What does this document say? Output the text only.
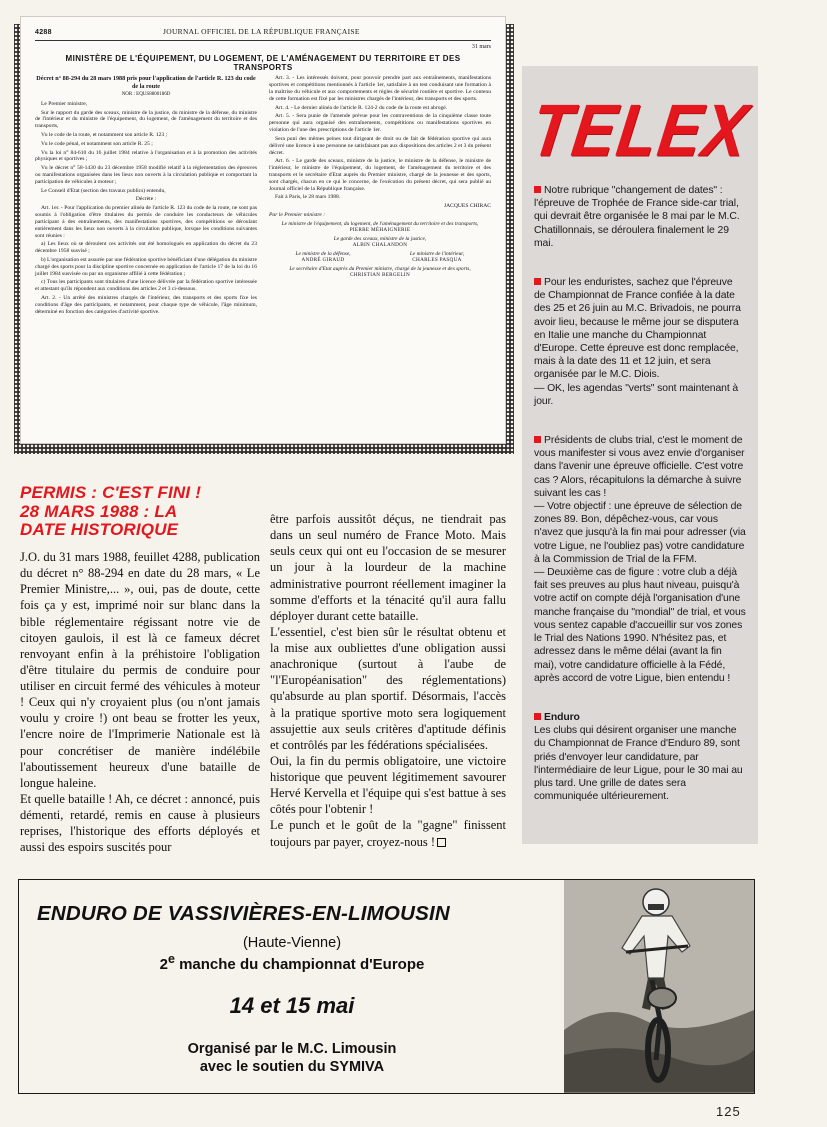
4288	JOURNAL OFFICIEL DE LA RÉPUBLIQUE FRANÇAISE
31 mars
MINISTÈRE DE L'ÉQUIPEMENT, DU LOGEMENT, DE L'AMÉNAGEMENT DU TERRITOIRE ET DES TRANSPORTS

Décret n° 88-294 du 28 mars 1988 pris pour l'application de l'article R. 123 du code de la route

NOR : EQUS8800186D

Le Premier ministre,

Sur le rapport du garde des sceaux, ministre de la justice, du ministre de la défense, du ministre de l'intérieur et du ministre de l'équipement, du logement, de l'aménagement du territoire et des transports,

Vu le code de la route, et notamment son article R. 123 ;

Vu le code pénal, et notamment son article R. 25 ;

Vu la loi n° 84-610 du 16 juillet 1984 relative à l'organisation et à la promotion des activités physiques et sportives ;

Vu le décret n° 58-1430 du 23 décembre 1958 modifié relatif à la réglementation des épreuves ou manifestations organisées dans les lieux non ouverts à la circulation publique et comportant la participation de véhicules à moteur ;

Le Conseil d'Etat (section des travaux publics) entendu,

Décrète :

Art. 1er. - Pour l'application du premier alinéa de l'article R. 123 du code de la route, ne sont pas soumis à l'obligation d'être titulaires du permis de conduire les conducteurs de véhicules participant à des entraînements, des manifestations sportives, des compétitions se déroulant entièrement dans les lieux non ouverts à la circulation publique, lorsque les conditions suivantes sont réunies :

a) Les lieux où se déroulent ces activités ont été homologués en application du décret du 23 décembre 1958 susvisé ;

b) L'organisation est assurée par une fédération sportive bénéficiant d'une délégation du ministre chargé des sports pour la discipline sportive concernée en application de l'article 17 de la loi du 16 juillet 1984 susvisée ou par un organisme affilié à cette fédération ;

c) Tous les participants sont titulaires d'une licence délivrée par la fédération sportive intéressée et attestant qu'ils répondent aux conditions des articles 2 et 3 ci-dessous.

Art. 2. - Un arrêté des ministres chargés de l'intérieur, des transports et des sports fixe les conditions d'âge des participants, et notamment, pour chaque type de véhicule, l'âge minimum, déterminé en fonction des catégories d'activité sportive.

Art. 3. - Les intéressés doivent, pour pouvoir prendre part aux entraînements, manifestations sportives et compétitions mentionnés à l'article 1er, satisfaire à un test conduisant une formation à la maîtrise du véhicule et aux comportements et règles de sécurité routière et sportive. Le contenu de cette formation est fixé par les ministres chargés de l'intérieur, des transports et des sports.

Art. 4. - Le dernier alinéa de l'article R. 124-2 du code de la route est abrogé.

Art. 5. - Sera punie de l'amende prévue pour les contraventions de la cinquième classe toute personne qui aura organisé des entraînements, compétitions ou manifestations sportives en violation de l'une des prescriptions de l'article 1er.

Sera puni des mêmes peines tout dirigeant de droit ou de fait de fédération sportive qui aura délivré une licence à une personne ne satisfaisant pas aux dispositions des articles 2 et 3 du présent décret.

Art. 6. - Le garde des sceaux, ministre de la justice, le ministre de la défense, le ministre de l'intérieur, le ministre de l'équipement, du logement, de l'aménagement du territoire et des transports et le secrétaire d'Etat auprès du Premier ministre, chargé de la jeunesse et des sports, sont chargés, chacun en ce qui le concerne, de l'exécution du présent décret, qui sera publié au Journal officiel de la République française.

Fait à Paris, le 28 mars 1988.

JACQUES CHIRAC

Par le Premier ministre :

Le ministre de l'équipement, du logement, de l'aménagement du territoire et des transports,
PIERRE MÉHAIGNERIE

Le garde des sceaux, ministre de la justice,
ALBIN CHALANDON

Le ministre de la défense,
ANDRÉ GIRAUD

Le ministre de l'intérieur,
CHARLES PASQUA

Le secrétaire d'Etat auprès du Premier ministre, chargé de la jeunesse et des sports,
CHRISTIAN BERGELIN

TELEX
Notre rubrique "changement de dates" : l'épreuve de Trophée de France side-car trial, qui devrait être organisée le 8 mai par le M.C. Chatillonnais, se déroulera finalement le 29 mai.
Pour les enduristes, sachez que l'épreuve de Championnat de France confiée à la date des 25 et 26 juin au M.C. Brivadois, ne pourra avoir lieu, because le même jour se disputera en Italie une manche du Championnat d'Europe. Cette épreuve est donc remplacée, mais à la date des 11 et 12 juin, et sera organisée par le M.C. Diois.
— OK, les agendas "verts" sont maintenant à jour.
Présidents de clubs trial, c'est le moment de vous manifester si vous avez envie d'organiser dans l'avenir une épreuve officielle. C'est votre cas ? Alors, récapitulons la démarche à suivre suivant les cas !
— Votre objectif : une épreuve de sélection de zones 89. Bon, dépêchez-vous, car vous n'avez que jusqu'à la fin mai pour adresser (via votre Ligue, ne l'oubliez pas) votre candidature à la Commission de Trial de la FFM.
— Deuxième cas de figure : votre club a déjà fait ses preuves au plus haut niveau, puisqu'à votre actif on compte déjà l'organisation d'une manche française du "mondial" de trial, et vous vous sentez capable d'accueillir sur vos zones le Trial des Nations 1990. N'hésitez pas, et adressez dans le même délai (avant la fin mai), votre candidature officielle à la Fédé, après accord de votre Ligue, bien entendu !
Enduro
Les clubs qui désirent organiser une manche du Championnat de France d'Enduro 89, sont priés d'envoyer leur candidature, par l'intermédiaire de leur Ligue, pour le 30 mai au plus tard. Une grille de dates sera communiquée ultérieurement.
PERMIS : C'EST FINI !
28 MARS 1988 : LA
DATE HISTORIQUE

J.O. du 31 mars 1988, feuillet 4288, publication du décret n° 88-294 en date du 28 mars, « Le Premier Ministre,... », oui, pas de doute, cette fois ça y est, imprimé noir sur blanc dans la bible réglementaire régissant notre vie de citoyen gaulois, il est là ce fameux décret renvoyant enfin à la préhistoire l'obligation d'être titulaire du permis de conduire pour utiliser en circuit fermé des véhicules à moteur ! Ceux qui n'y croyaient plus (ou n'ont jamais voulu y croire !) ont beau se frotter les yeux, l'encre noire de l'Imprimerie Nationale est là pour concrétiser de manière indélébile l'aboutissement heureux d'une bataille de longue haleine.

Et quelle bataille ! Ah, ce décret : annoncé, puis démenti, retardé, remis en cause à plusieurs reprises, l'historique des efforts déployés et aussi des espoirs suscités pour

être parfois aussitôt déçus, ne tiendrait pas dans un seul numéro de France Moto. Mais seuls ceux qui ont eu l'occasion de se mesurer un jour à la lourdeur de la machine administrative pourront réellement imaginer la somme d'efforts et la ténacité qu'il aura fallu déployer durant cette bataille.

L'essentiel, c'est bien sûr le résultat obtenu et la mise aux oubliettes d'une obligation aussi anachronique (surtout à l'aube de "l'Européanisation" des réglementations) qu'absurde au plan sportif. Désormais, l'accès à la pratique sportive moto sera logiquement assujettie aux seuls critères d'aptitude définis et contrôlés par les fédérations spécialisées.

Oui, la fin du permis obligatoire, une victoire historique que peuvent légitimement savourer Hervé Kervella et l'équipe qui s'est battue à ses côtés pour l'obtenir !

Le punch et le goût de la "gagne" finissent toujours par payer, croyez-nous !

ENDURO DE VASSIVIÈRES-EN-LIMOUSIN
(Haute-Vienne)
2e manche du championnat d'Europe
14 et 15 mai
Organisé par le M.C. Limousin
avec le soutien du SYMIVA
125
